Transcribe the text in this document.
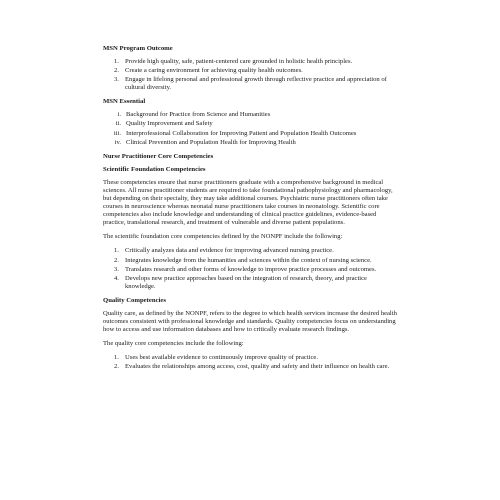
MSN Program Outcome
1. Provide high quality, safe, patient-centered care grounded in holistic health principles.
2. Create a caring environment for achieving quality health outcomes.
3. Engage in lifelong personal and professional growth through reflective practice and appreciation of cultural diversity.
MSN Essential
i. Background for Practice from Science and Humanities
ii. Quality Improvement and Safety
iii. Interprofessional Collaboration for Improving Patient and Population Health Outcomes
iv. Clinical Prevention and Population Health for Improving Health
Nurse Practitioner Core Competencies
Scientific Foundation Competencies

These competencies ensure that nurse practitioners graduate with a comprehensive background in medical sciences. All nurse practitioner students are required to take foundational pathophysiology and pharmacology, but depending on their specialty, they may take additional courses. Psychiatric nurse practitioners often take courses in neuroscience whereas neonatal nurse practitioners take courses in neonatology. Scientific core competencies also include knowledge and understanding of clinical practice guidelines, evidence-based practice, translational research, and treatment of vulnerable and diverse patient populations.

The scientific foundation core competencies defined by the NONPF include the following:

1. Critically analyzes data and evidence for improving advanced nursing practice.
2. Integrates knowledge from the humanities and sciences within the context of nursing science.
3. Translates research and other forms of knowledge to improve practice processes and outcomes.
4. Develops new practice approaches based on the integration of research, theory, and practice knowledge.
Quality Competencies

Quality care, as defined by the NONPF, refers to the degree to which health services increase the desired health outcomes consistent with professional knowledge and standards. Quality competencies focus on understanding how to access and use information databases and how to critically evaluate research findings.

The quality core competencies include the following:

1. Uses best available evidence to continuously improve quality of practice.
2. Evaluates the relationships among access, cost, quality and safety and their influence on health care.
